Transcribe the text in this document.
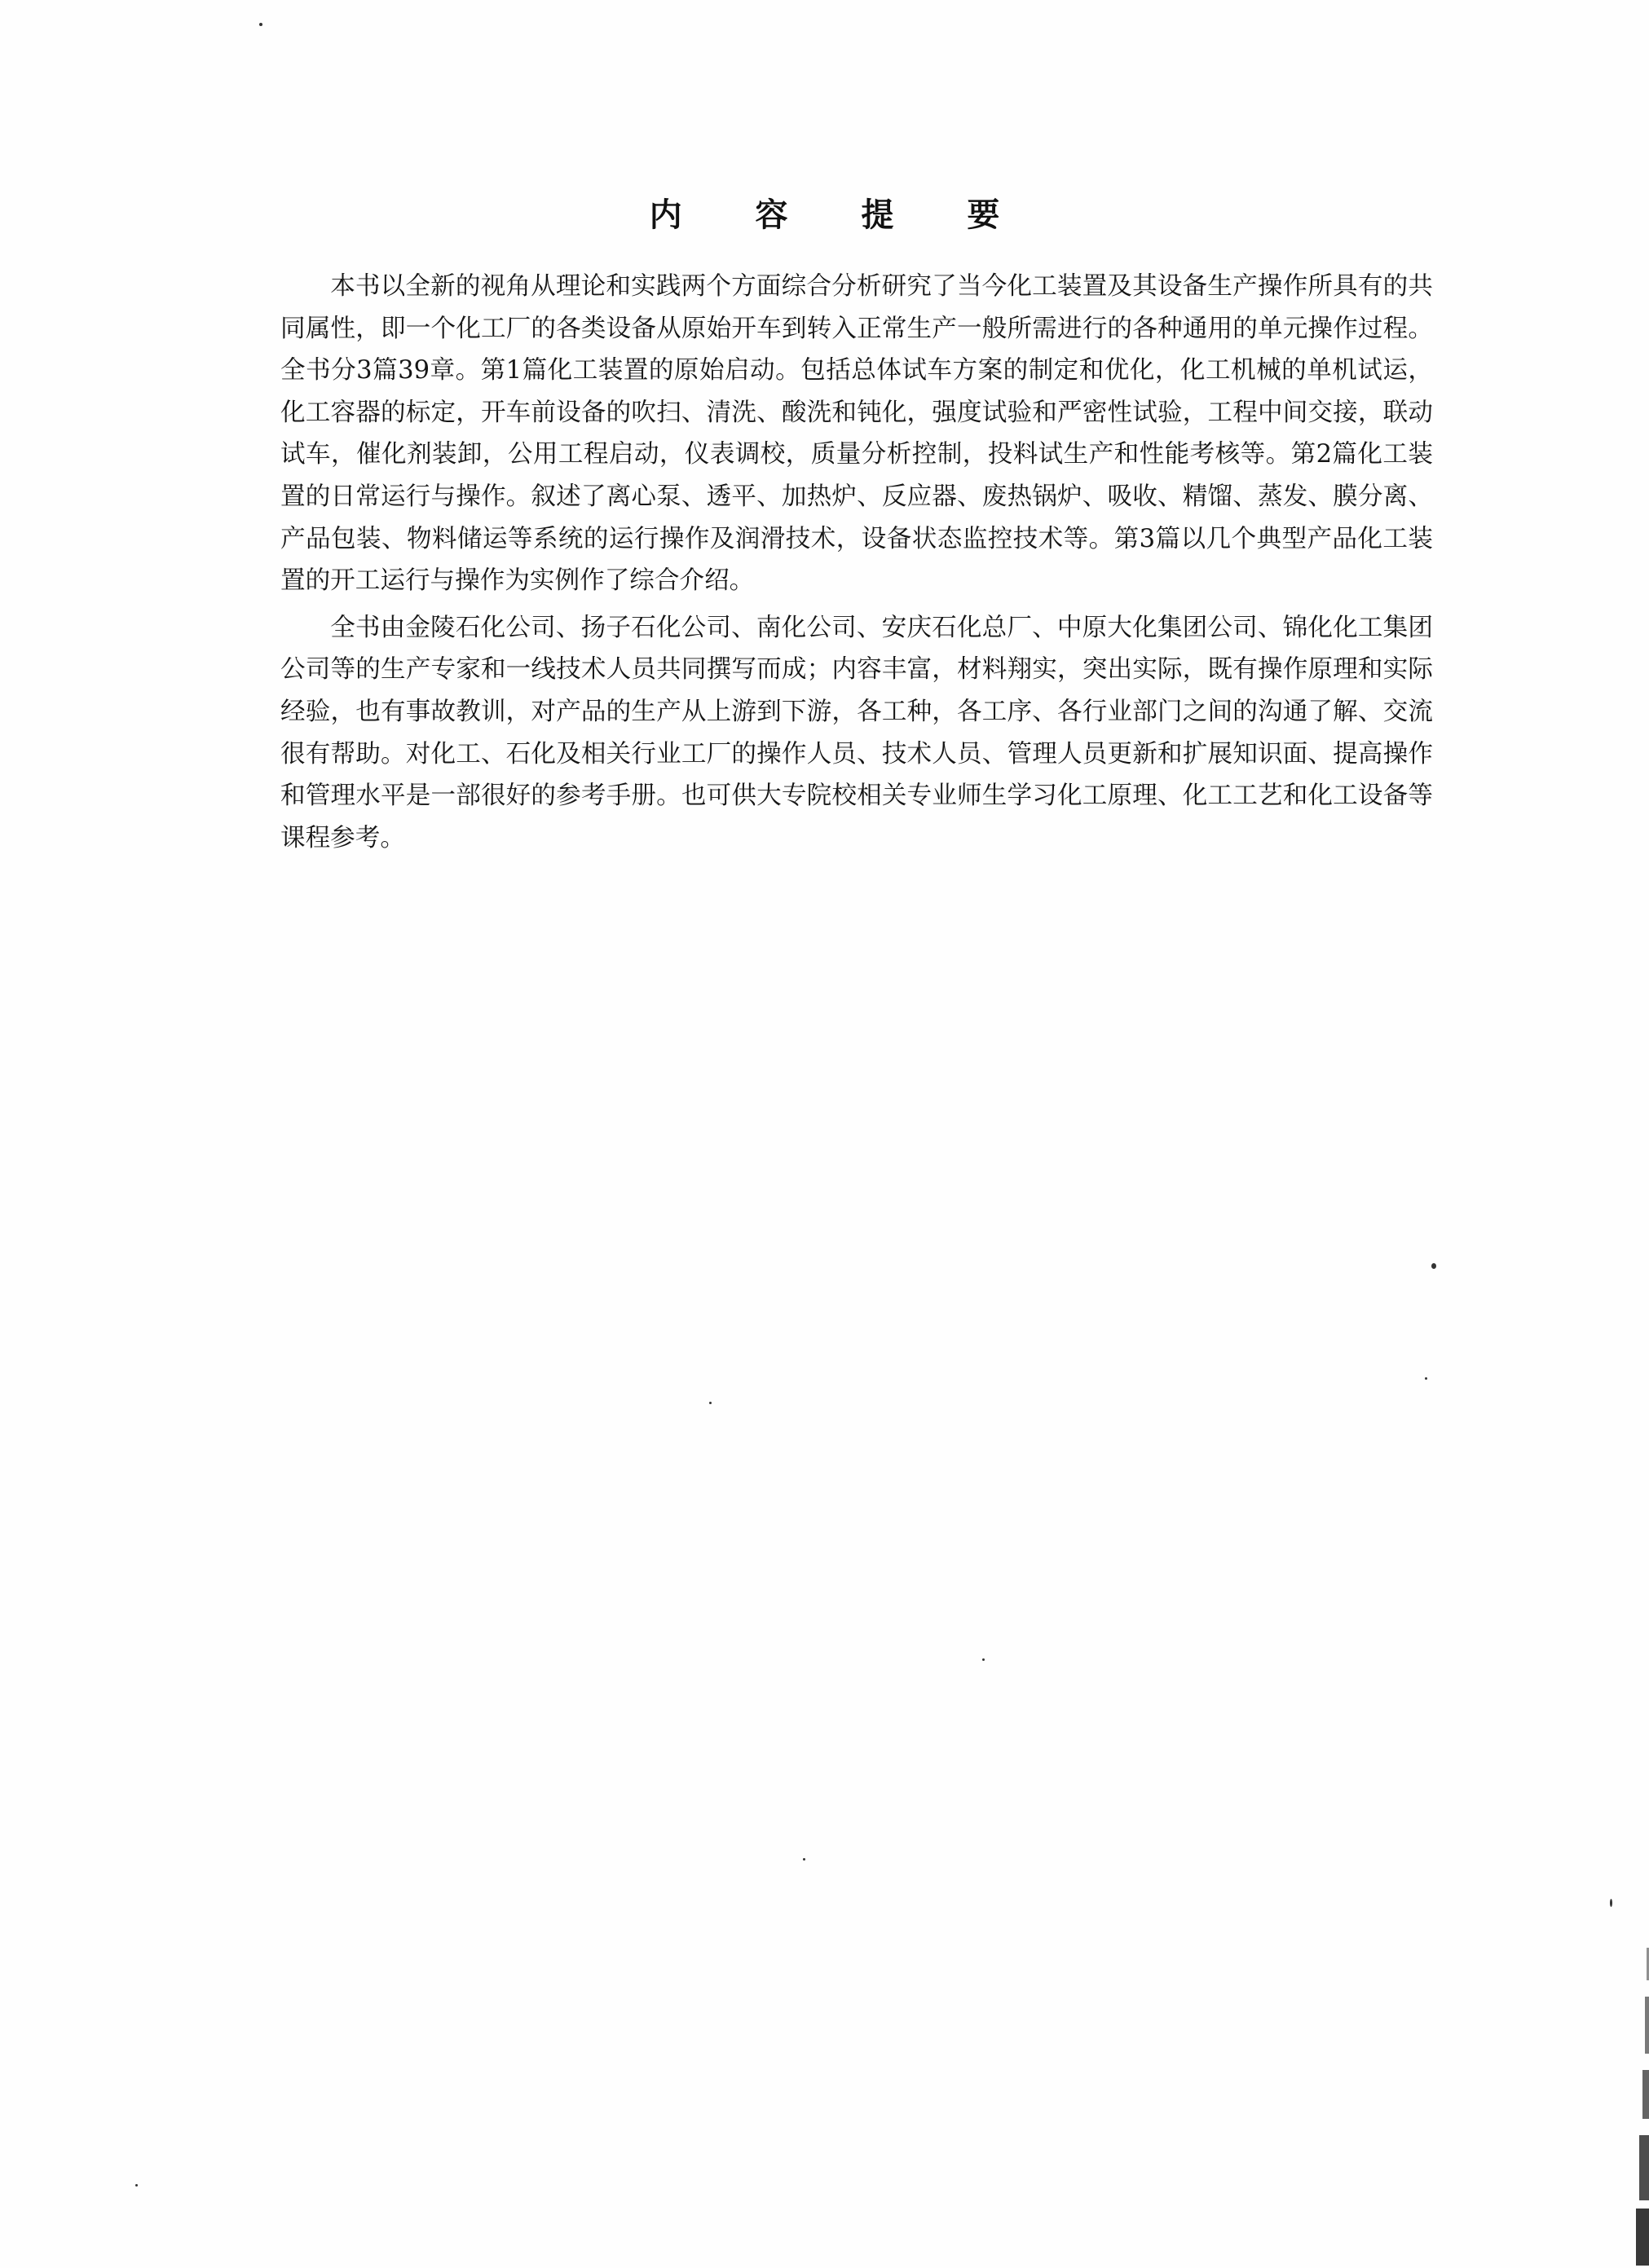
内 容 提 要

本书以全新的视角从理论和实践两个方面综合分析研究了当今化工装置及其设备生产操作所具有的共同属性，即一个化工厂的各类设备从原始开车到转入正常生产一般所需进行的各种通用的单元操作过程。全书分3篇39章。第1篇化工装置的原始启动。包括总体试车方案的制定和优化，化工机械的单机试运，化工容器的标定，开车前设备的吹扫、清洗、酸洗和钝化，强度试验和严密性试验，工程中间交接，联动试车，催化剂装卸，公用工程启动，仪表调校，质量分析控制，投料试生产和性能考核等。第2篇化工装置的日常运行与操作。叙述了离心泵、透平、加热炉、反应器、废热锅炉、吸收、精馏、蒸发、膜分离、产品包装、物料储运等系统的运行操作及润滑技术，设备状态监控技术等。第3篇以几个典型产品化工装置的开工运行与操作为实例作了综合介绍。

全书由金陵石化公司、扬子石化公司、南化公司、安庆石化总厂、中原大化集团公司、锦化化工集团公司等的生产专家和一线技术人员共同撰写而成；内容丰富，材料翔实，突出实际，既有操作原理和实际经验，也有事故教训，对产品的生产从上游到下游，各工种，各工序、各行业部门之间的沟通了解、交流很有帮助。对化工、石化及相关行业工厂的操作人员、技术人员、管理人员更新和扩展知识面、提高操作和管理水平是一部很好的参考手册。也可供大专院校相关专业师生学习化工原理、化工工艺和化工设备等课程参考。
